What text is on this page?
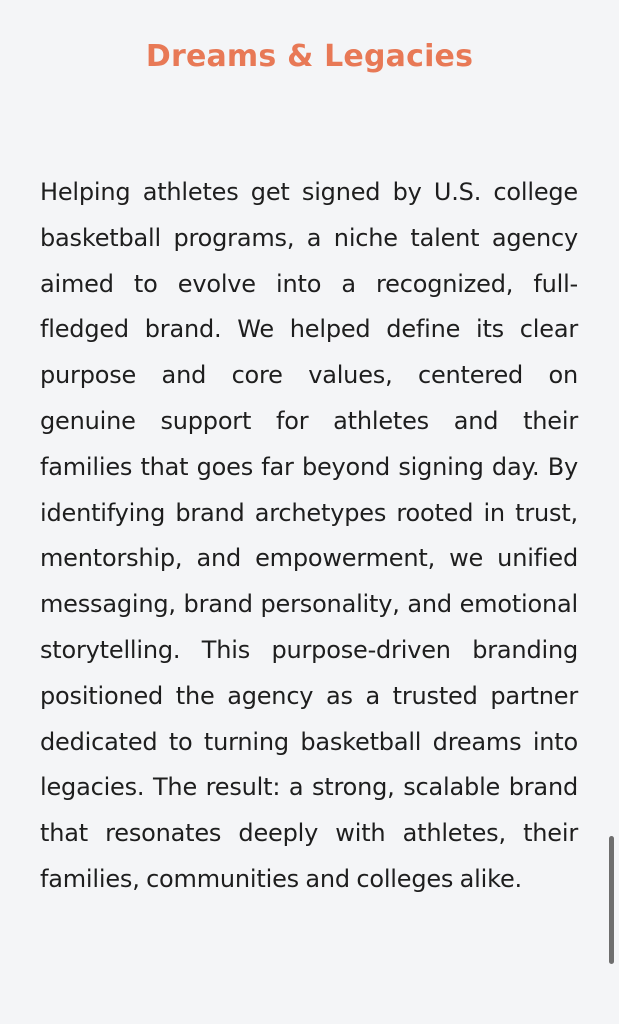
Dreams & Legacies

Helping athletes get signed by U.S. college basketball programs, a niche talent agency aimed to evolve into a recognized, full-fledged brand. We helped define its clear purpose and core values, centered on genuine support for athletes and their families that goes far beyond signing day. By identifying brand archetypes rooted in trust, mentorship, and empowerment, we unified messaging, brand personality, and emotional storytelling. This purpose-driven branding positioned the agency as a trusted partner dedicated to turning basketball dreams into legacies. The result: a strong, scalable brand that resonates deeply with athletes, their families, communities and colleges alike.
